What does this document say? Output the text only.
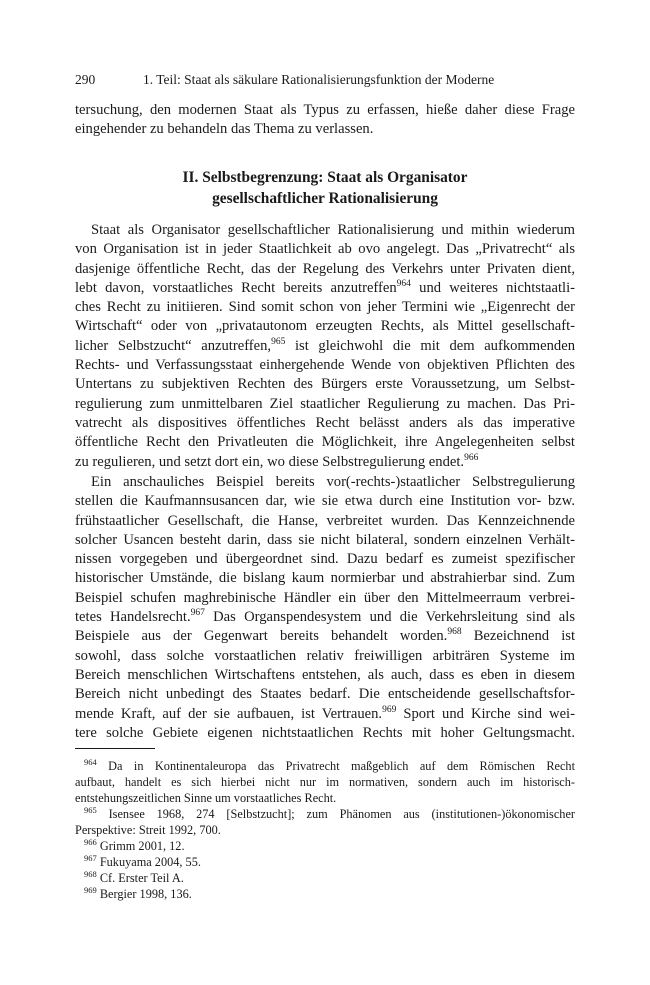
290	1. Teil: Staat als säkulare Rationalisierungsfunktion der Moderne
tersuchung, den modernen Staat als Typus zu erfassen, hieße daher diese Frage
eingehender zu behandeln das Thema zu verlassen.
II. Selbstbegrenzung: Staat als Organisator
gesellschaftlicher Rationalisierung
Staat als Organisator gesellschaftlicher Rationalisierung und mithin wiederum
von Organisation ist in jeder Staatlichkeit ab ovo angelegt. Das „Privatrecht“ als
dasjenige öffentliche Recht, das der Regelung des Verkehrs unter Privaten dient,
lebt davon, vorstaatliches Recht bereits anzutreffen$^{964}$ und weiteres nichtstaatli-
ches Recht zu initiieren. Sind somit schon von jeher Termini wie „Eigenrecht der
Wirtschaft“ oder von „privatautonom erzeugten Rechts, als Mittel gesellschaft-
licher Selbstzucht“ anzutreffen,$^{965}$ ist gleichwohl die mit dem aufkommenden
Rechts- und Verfassungsstaat einhergehende Wende von objektiven Pflichten des
Untertans zu subjektiven Rechten des Bürgers erste Voraussetzung, um Selbst-
regulierung zum unmittelbaren Ziel staatlicher Regulierung zu machen. Das Pri-
vatrecht als dispositives öffentliches Recht belässt anders als das imperative
öffentliche Recht den Privatleuten die Möglichkeit, ihre Angelegenheiten selbst
zu regulieren, und setzt dort ein, wo diese Selbstregulierung endet.$^{966}$
Ein anschauliches Beispiel bereits vor(-rechts-)staatlicher Selbstregulierung
stellen die Kaufmannsusancen dar, wie sie etwa durch eine Institution vor- bzw.
frühstaatlicher Gesellschaft, die Hanse, verbreitet wurden. Das Kennzeichnende
solcher Usancen besteht darin, dass sie nicht bilateral, sondern einzelnen Verhält-
nissen vorgegeben und übergeordnet sind. Dazu bedarf es zumeist spezifischer
historischer Umstände, die bislang kaum normierbar und abstrahierbar sind. Zum
Beispiel schufen maghrebinische Händler ein über den Mittelmeerraum verbrei-
tetes Handelsrecht.$^{967}$ Das Organspendesystem und die Verkehrsleitung sind als
Beispiele aus der Gegenwart bereits behandelt worden.$^{968}$ Bezeichnend ist
sowohl, dass solche vorstaatlichen relativ freiwilligen arbiträren Systeme im
Bereich menschlichen Wirtschaftens entstehen, als auch, dass es eben in diesem
Bereich nicht unbedingt des Staates bedarf. Die entscheidende gesellschaftsfor-
mende Kraft, auf der sie aufbauen, ist Vertrauen.$^{969}$ Sport und Kirche sind wei-
tere solche Gebiete eigenen nichtstaatlichen Rechts mit hoher Geltungsmacht.
$^{964}$ Da in Kontinentaleuropa das Privatrecht maßgeblich auf dem Römischen Recht
aufbaut, handelt es sich hierbei nicht nur im normativen, sondern auch im historisch-
entstehungszeitlichen Sinne um vorstaatliches Recht.
$^{965}$ Isensee 1968, 274 [Selbstzucht]; zum Phänomen aus (institutionen-)ökonomischer
Perspektive: Streit 1992, 700.
$^{966}$ Grimm 2001, 12.
$^{967}$ Fukuyama 2004, 55.
$^{968}$ Cf. Erster Teil A.
$^{969}$ Bergier 1998, 136.
